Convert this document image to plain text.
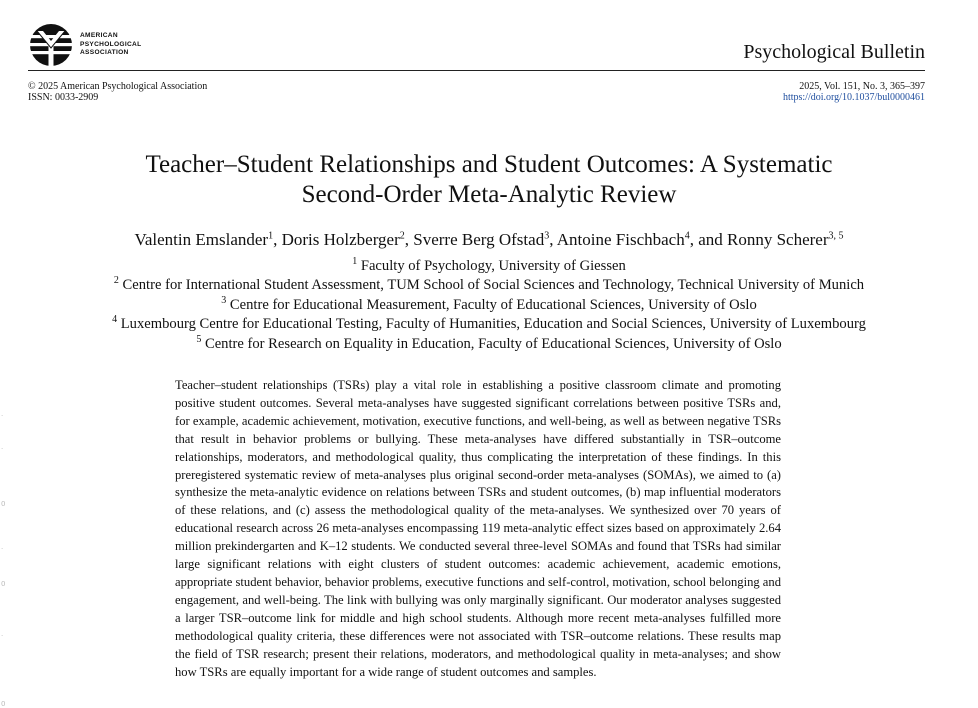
AMERICAN
PSYCHOLOGICAL
ASSOCIATION	Psychological Bulletin
© 2025 American Psychological Association
ISSN: 0033-2909
2025, Vol. 151, No. 3, 365–397
https://doi.org/10.1037/bul0000461
Teacher–Student Relationships and Student Outcomes: A Systematic
Second-Order Meta-Analytic Review
Valentin Emslander$^1$, Doris Holzberger$^2$, Sverre Berg Ofstad$^3$, Antoine Fischbach$^4$, and Ronny Scherer$^{3, 5}$
$^1$ Faculty of Psychology, University of Giessen
$^2$ Centre for International Student Assessment, TUM School of Social Sciences and Technology, Technical University of Munich
$^3$ Centre for Educational Measurement, Faculty of Educational Sciences, University of Oslo
$^4$ Luxembourg Centre for Educational Testing, Faculty of Humanities, Education and Social Sciences, University of Luxembourg
$^5$ Centre for Research on Equality in Education, Faculty of Educational Sciences, University of Oslo
Teacher–student relationships (TSRs) play a vital role in establishing a positive classroom climate and promoting positive student outcomes. Several meta-analyses have suggested significant correlations between positive TSRs and, for example, academic achievement, motivation, executive functions, and well-being, as well as between negative TSRs that result in behavior problems or bullying. These meta-analyses have differed substantially in TSR–outcome relationships, moderators, and methodological quality, thus complicating the interpretation of these findings. In this preregistered systematic review of meta-analyses plus original second-order meta-analyses (SOMAs), we aimed to (a) synthesize the meta-analytic evidence on relations between TSRs and student outcomes, (b) map influential moderators of these relations, and (c) assess the methodological quality of the meta-analyses. We synthesized over 70 years of educational research across 26 meta-analyses encompassing 119 meta-analytic effect sizes based on approximately 2.64 million prekindergarten and K–12 students. We conducted several three-level SOMAs and found that TSRs had similar large significant relations with eight clusters of student outcomes: academic achievement, academic emotions, appropriate student behavior, behavior problems, executive functions and self-control, motivation, school belonging and engagement, and well-being. The link with bullying was only marginally significant. Our moderator analyses suggested a larger TSR–outcome link for middle and high school students. Although more recent meta-analyses fulfilled more methodological quality criteria, these differences were not associated with TSR–outcome relations. These results map the field of TSR research; present their relations, moderators, and methodological quality in meta-analyses; and show how TSRs are equally important for a wide range of student outcomes and samples.
·
·
0
·
0
·
0
